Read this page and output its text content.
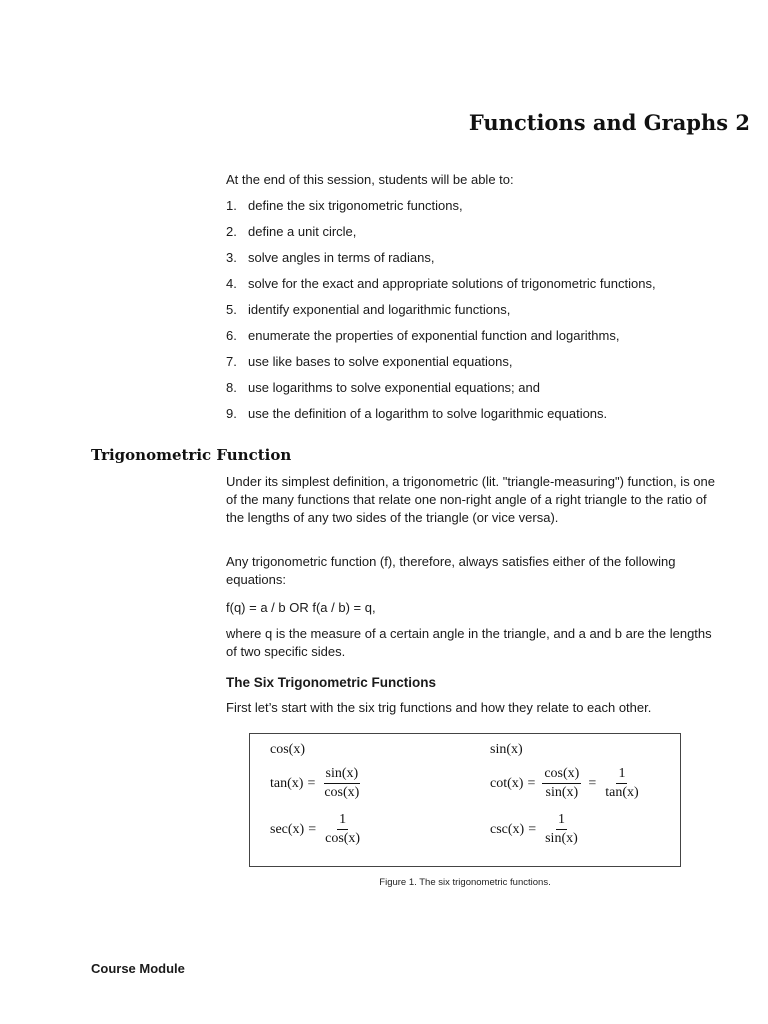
Functions and Graphs 2
At the end of this session, students will be able to:
1. define the six trigonometric functions,
2. define a unit circle,
3. solve angles in terms of radians,
4. solve for the exact and appropriate solutions of trigonometric functions,
5. identify exponential and logarithmic functions,
6. enumerate the properties of exponential function and logarithms,
7. use like bases to solve exponential equations,
8. use logarithms to solve exponential equations; and
9. use the definition of a logarithm to solve logarithmic equations.
Trigonometric Function
Under its simplest definition, a trigonometric (lit. "triangle-measuring") function, is one of the many functions that relate one non-right angle of a right triangle to the ratio of the lengths of any two sides of the triangle (or vice versa).
Any trigonometric function (f), therefore, always satisfies either of the following equations:
f(q) = a / b OR f(a / b) = q,
where q is the measure of a certain angle in the triangle, and a and b are the lengths of two specific sides.
The Six Trigonometric Functions
First let’s start with the six trig functions and how they relate to each other.
cos(x)	sin(x)
$\tan(x) = \frac{\sin(x)}{\cos(x)}$	$\cot(x) = \frac{\cos(x)}{\sin(x)} = \frac{1}{\tan(x)}$
$\sec(x) = \frac{1}{\cos(x)}$	$\csc(x) = \frac{1}{\sin(x)}$
Figure 1. The six trigonometric functions.
Course Module
